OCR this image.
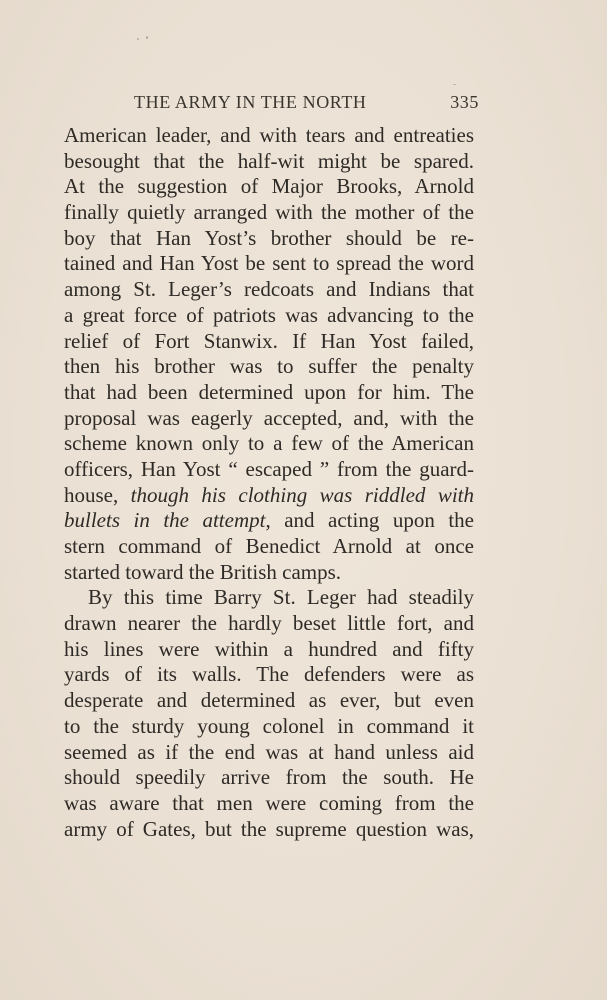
THE ARMY IN THE NORTH	335
American leader, and with tears and entreaties
besought that the half-wit might be spared.
At the suggestion of Major Brooks, Arnold
finally quietly arranged with the mother of the
boy that Han Yost’s brother should be re-
tained and Han Yost be sent to spread the word
among St. Leger’s redcoats and Indians that
a great force of patriots was advancing to the
relief of Fort Stanwix. If Han Yost failed,
then his brother was to suffer the penalty
that had been determined upon for him. The
proposal was eagerly accepted, and, with the
scheme known only to a few of the American
officers, Han Yost “ escaped ” from the guard-
house, though his clothing was riddled with
bullets in the attempt, and acting upon the
stern command of Benedict Arnold at once
started toward the British camps.
By this time Barry St. Leger had steadily
drawn nearer the hardly beset little fort, and
his lines were within a hundred and fifty
yards of its walls. The defenders were as
desperate and determined as ever, but even
to the sturdy young colonel in command it
seemed as if the end was at hand unless aid
should speedily arrive from the south. He
was aware that men were coming from the
army of Gates, but the supreme question was,
